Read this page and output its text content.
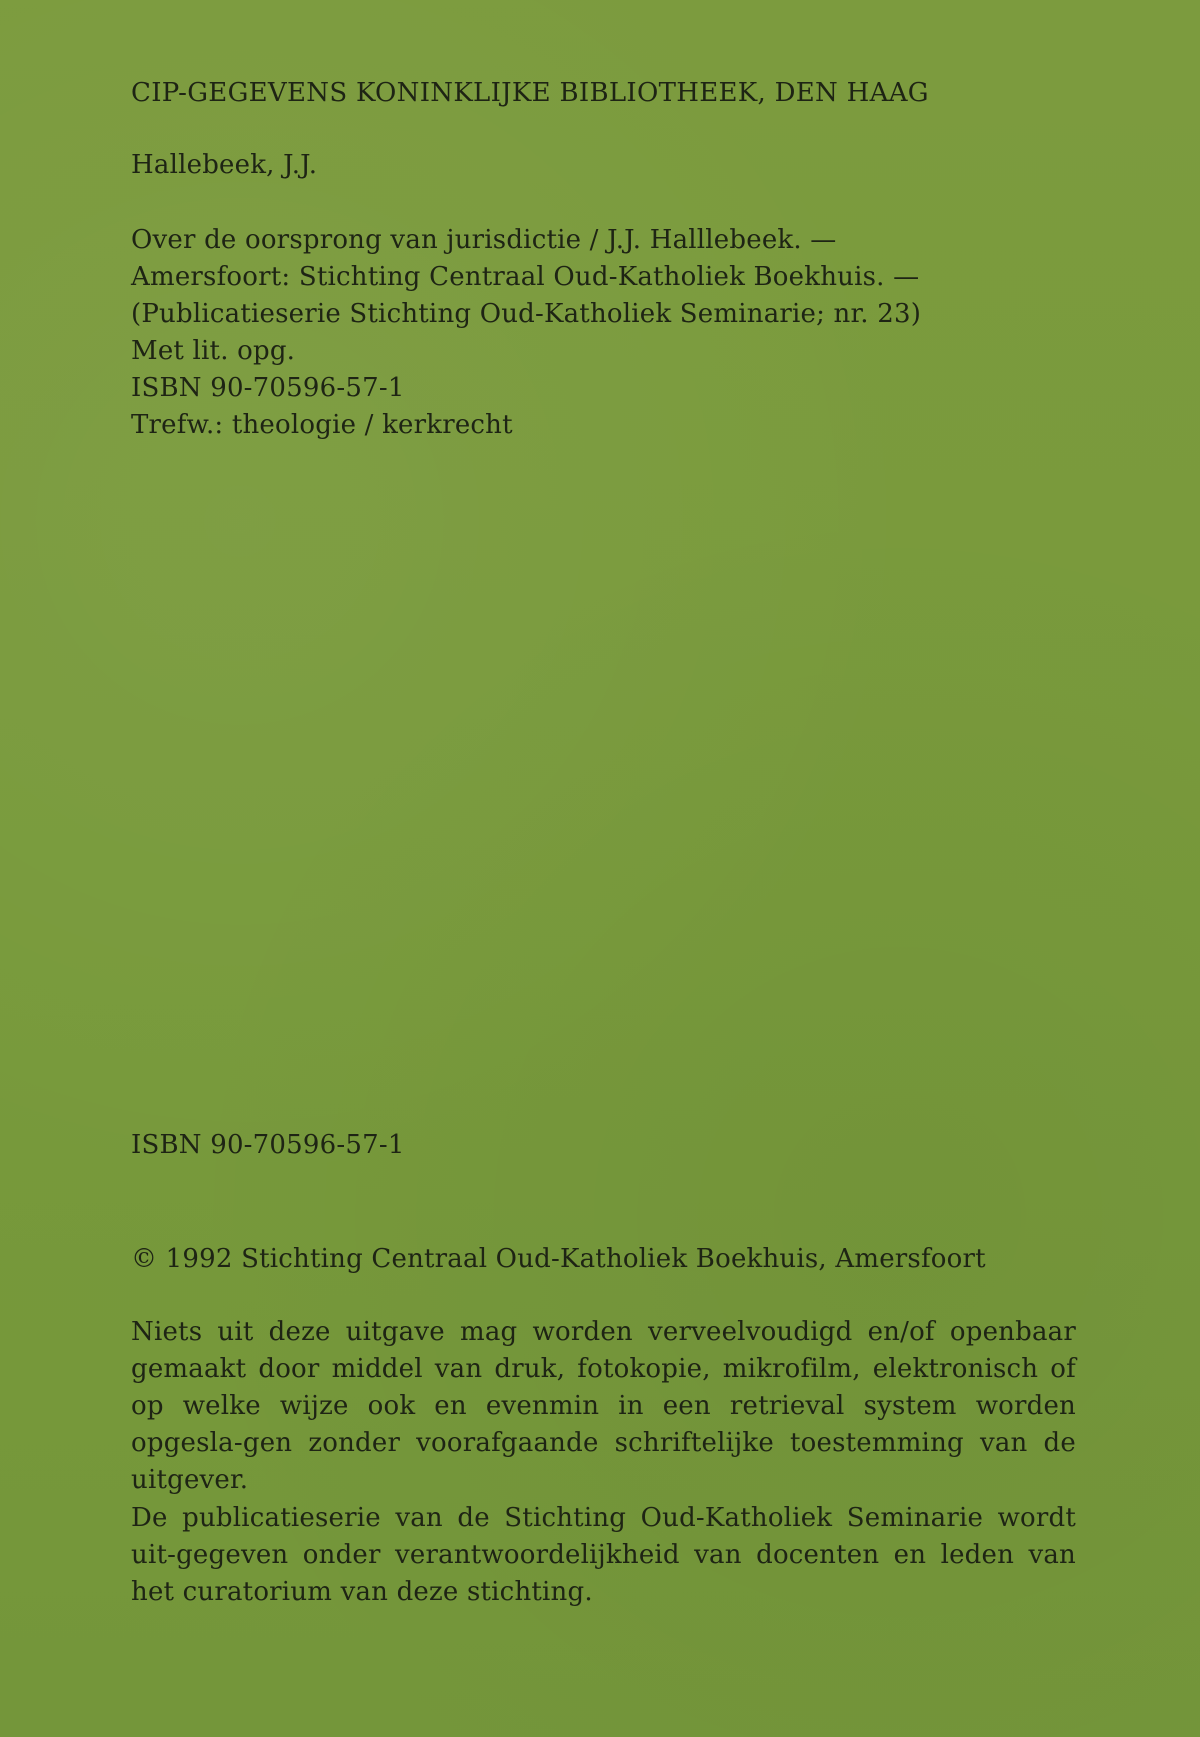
CIP-GEGEVENS KONINKLIJKE BIBLIOTHEEK, DEN HAAG

Hallebeek, J.J.

Over de oorsprong van jurisdictie / J.J. Halllebeek. —
Amersfoort: Stichting Centraal Oud-Katholiek Boekhuis. —
(Publicatieserie Stichting Oud-Katholiek Seminarie; nr. 23)
Met lit. opg.
ISBN 90-70596-57-1
Trefw.: theologie / kerkrecht

ISBN 90-70596-57-1

© 1992 Stichting Centraal Oud-Katholiek Boekhuis, Amersfoort

Niets uit deze uitgave mag worden verveelvoudigd en/of openbaar gemaakt door middel van druk, fotokopie, mikrofilm, elektronisch of op welke wijze ook en evenmin in een retrieval system worden opgesla-gen zonder voorafgaande schriftelijke toestemming van de uitgever.

De publicatieserie van de Stichting Oud-Katholiek Seminarie wordt uit-gegeven onder verantwoordelijkheid van docenten en leden van het curatorium van deze stichting.
